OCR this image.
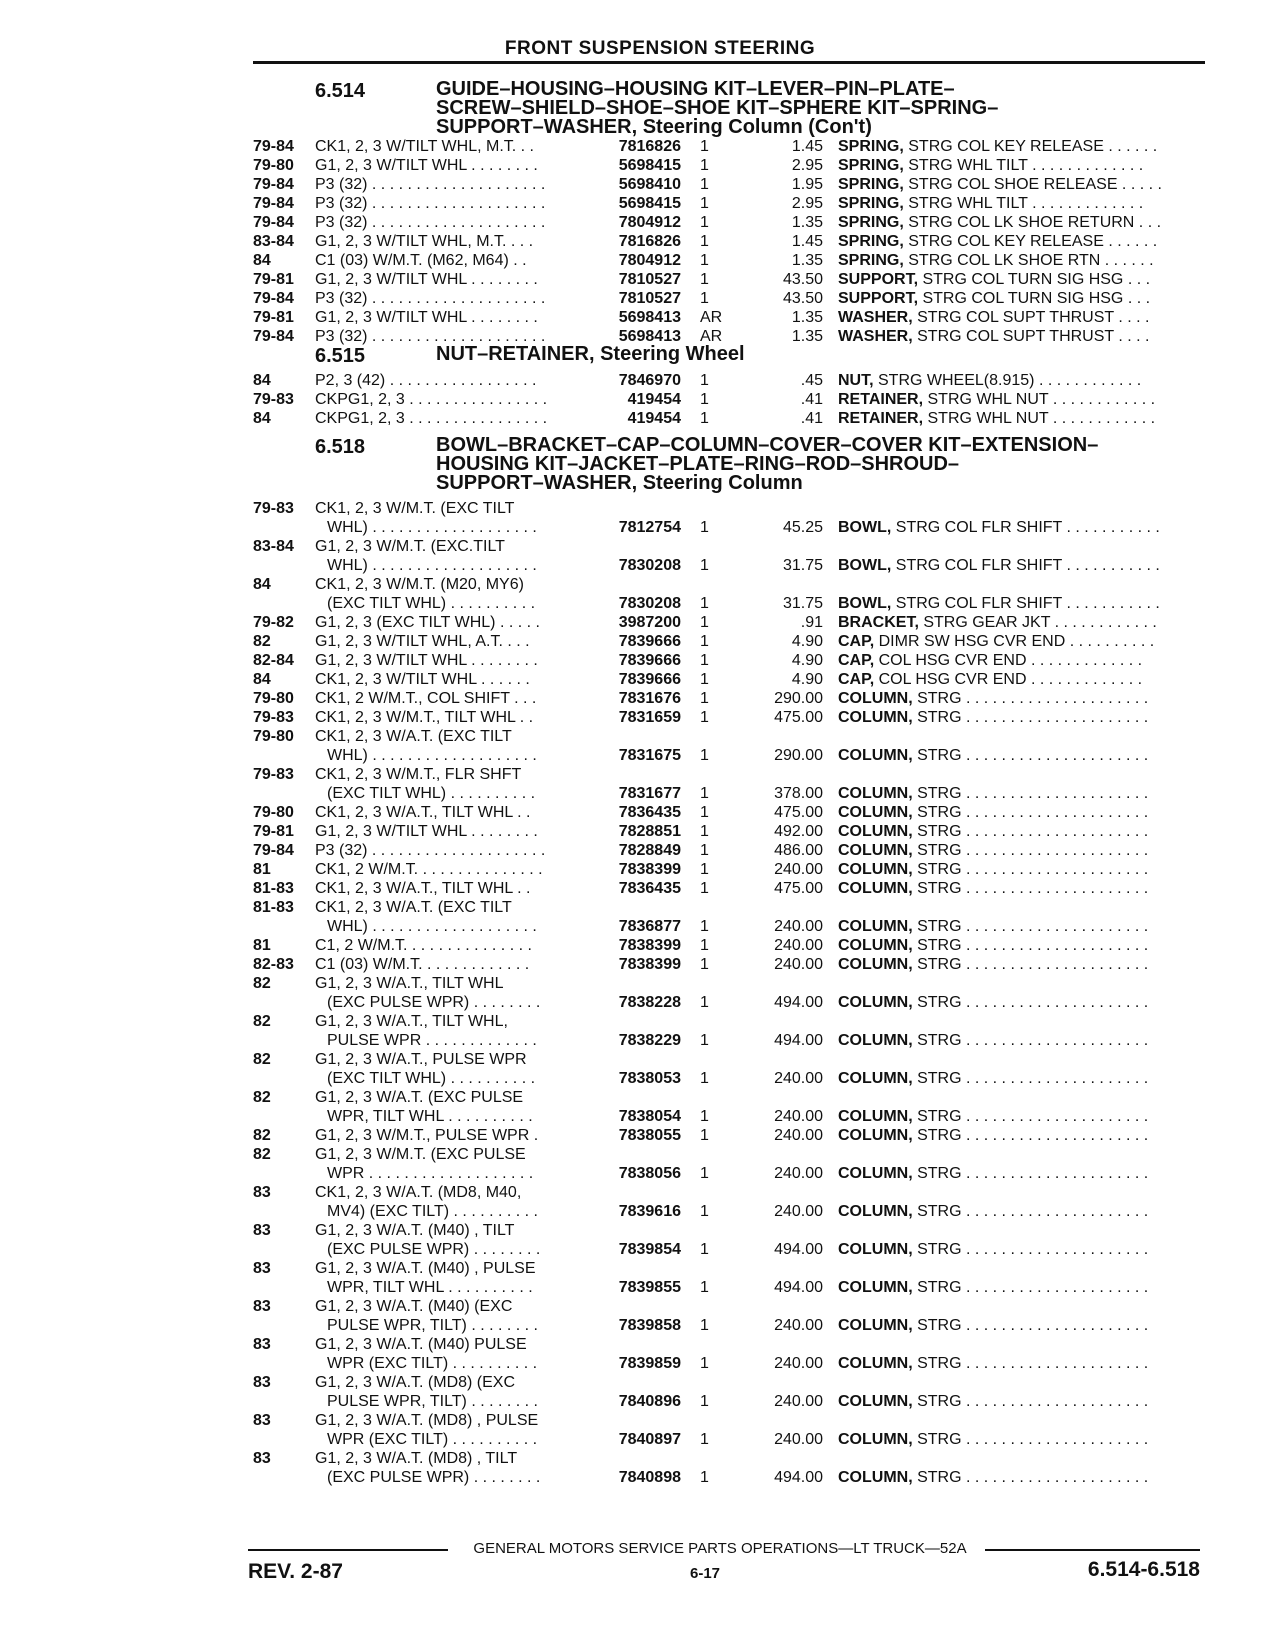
FRONT SUSPENSION STEERING
6.514	GUIDE–HOUSING–HOUSING KIT–LEVER–PIN–PLATE–
SCREW–SHIELD–SHOE–SHOE KIT–SPHERE KIT–SPRING–
SUPPORT–WASHER, Steering Column (Con't)
79-84 CK1, 2, 3 W/TILT WHL, M.T. . .	7816826 1	1.45 SPRING, STRG COL KEY RELEASE . . . . . .
79-80 G1, 2, 3 W/TILT WHL . . . . . . . .	5698415 1	2.95 SPRING, STRG WHL TILT . . . . . . . . . . . . .
79-84 P3 (32) . . . . . . . . . . . . . . . . . . . .	5698410 1	1.95 SPRING, STRG COL SHOE RELEASE . . . . .
79-84 P3 (32) . . . . . . . . . . . . . . . . . . . .	5698415 1	2.95 SPRING, STRG WHL TILT . . . . . . . . . . . . .
79-84 P3 (32) . . . . . . . . . . . . . . . . . . . .	7804912 1	1.35 SPRING, STRG COL LK SHOE RETURN . . .
83-84 G1, 2, 3 W/TILT WHL, M.T. . . .	7816826 1	1.45 SPRING, STRG COL KEY RELEASE . . . . . .
84	C1 (03) W/M.T. (M62, M64) . .	7804912 1	1.35 SPRING, STRG COL LK SHOE RTN . . . . . .
79-81 G1, 2, 3 W/TILT WHL . . . . . . . .	7810527 1	43.50 SUPPORT, STRG COL TURN SIG HSG . . .
79-84 P3 (32) . . . . . . . . . . . . . . . . . . . .	7810527 1	43.50 SUPPORT, STRG COL TURN SIG HSG . . .
79-81 G1, 2, 3 W/TILT WHL . . . . . . . .	5698413 AR	1.35 WASHER, STRG COL SUPT THRUST . . . .
79-84 P3 (32) . . . . . . . . . . . . . . . . . . . .	5698413 AR	1.35 WASHER, STRG COL SUPT THRUST . . . .
6.515	NUT–RETAINER, Steering Wheel
84	P2, 3 (42) . . . . . . . . . . . . . . . . .	7846970 1	.45 NUT, STRG WHEEL(8.915) . . . . . . . . . . . .
79-83 CKPG1, 2, 3 . . . . . . . . . . . . . . . .	419454 1	.41 RETAINER, STRG WHL NUT . . . . . . . . . . . .
84	CKPG1, 2, 3 . . . . . . . . . . . . . . . .	419454 1	.41 RETAINER, STRG WHL NUT . . . . . . . . . . . .
6.518	BOWL–BRACKET–CAP–COLUMN–COVER–COVER KIT–EXTENSION–
HOUSING KIT–JACKET–PLATE–RING–ROD–SHROUD–
SUPPORT–WASHER, Steering Column
79-83 CK1, 2, 3 W/M.T. (EXC TILT
WHL) . . . . . . . . . . . . . . . . . . .	7812754 1	45.25 BOWL, STRG COL FLR SHIFT . . . . . . . . . . .
83-84 G1, 2, 3 W/M.T. (EXC.TILT
WHL) . . . . . . . . . . . . . . . . . . .	7830208 1	31.75 BOWL, STRG COL FLR SHIFT . . . . . . . . . . .
84	CK1, 2, 3 W/M.T. (M20, MY6)
(EXC TILT WHL) . . . . . . . . . .	7830208 1	31.75 BOWL, STRG COL FLR SHIFT . . . . . . . . . . .
79-82 G1, 2, 3 (EXC TILT WHL) . . . . .	3987200 1	.91 BRACKET, STRG GEAR JKT . . . . . . . . . . . .
82	G1, 2, 3 W/TILT WHL, A.T. . . .	7839666 1	4.90 CAP, DIMR SW HSG CVR END . . . . . . . . . .
82-84 G1, 2, 3 W/TILT WHL . . . . . . . .	7839666 1	4.90 CAP, COL HSG CVR END . . . . . . . . . . . . .
84	CK1, 2, 3 W/TILT WHL . . . . . .	7839666 1	4.90 CAP, COL HSG CVR END . . . . . . . . . . . . .
79-80 CK1, 2 W/M.T., COL SHIFT . . .	7831676 1	290.00 COLUMN, STRG . . . . . . . . . . . . . . . . . . . . .
79-83 CK1, 2, 3 W/M.T., TILT WHL . .	7831659 1	475.00 COLUMN, STRG . . . . . . . . . . . . . . . . . . . . .
79-80 CK1, 2, 3 W/A.T. (EXC TILT
WHL) . . . . . . . . . . . . . . . . . . .	7831675 1	290.00 COLUMN, STRG . . . . . . . . . . . . . . . . . . . . .
79-83 CK1, 2, 3 W/M.T., FLR SHFT
(EXC TILT WHL) . . . . . . . . . .	7831677 1	378.00 COLUMN, STRG . . . . . . . . . . . . . . . . . . . . .
79-80 CK1, 2, 3 W/A.T., TILT WHL . .	7836435 1	475.00 COLUMN, STRG . . . . . . . . . . . . . . . . . . . . .
79-81 G1, 2, 3 W/TILT WHL . . . . . . . .	7828851 1	492.00 COLUMN, STRG . . . . . . . . . . . . . . . . . . . . .
79-84 P3 (32) . . . . . . . . . . . . . . . . . . . .	7828849 1	486.00 COLUMN, STRG . . . . . . . . . . . . . . . . . . . . .
81	CK1, 2 W/M.T. . . . . . . . . . . . . . .	7838399 1	240.00 COLUMN, STRG . . . . . . . . . . . . . . . . . . . . .
81-83 CK1, 2, 3 W/A.T., TILT WHL . .	7836435 1	475.00 COLUMN, STRG . . . . . . . . . . . . . . . . . . . . .
81-83 CK1, 2, 3 W/A.T. (EXC TILT
WHL) . . . . . . . . . . . . . . . . . . .	7836877 1	240.00 COLUMN, STRG . . . . . . . . . . . . . . . . . . . . .
81	C1, 2 W/M.T. . . . . . . . . . . . . . .	7838399 1	240.00 COLUMN, STRG . . . . . . . . . . . . . . . . . . . . .
82-83 C1 (03) W/M.T. . . . . . . . . . . . .	7838399 1	240.00 COLUMN, STRG . . . . . . . . . . . . . . . . . . . . .
82	G1, 2, 3 W/A.T., TILT WHL
(EXC PULSE WPR) . . . . . . . .	7838228 1	494.00 COLUMN, STRG . . . . . . . . . . . . . . . . . . . . .
82	G1, 2, 3 W/A.T., TILT WHL,
PULSE WPR . . . . . . . . . . . . .	7838229 1	494.00 COLUMN, STRG . . . . . . . . . . . . . . . . . . . . .
82	G1, 2, 3 W/A.T., PULSE WPR
(EXC TILT WHL) . . . . . . . . . .	7838053 1	240.00 COLUMN, STRG . . . . . . . . . . . . . . . . . . . . .
82	G1, 2, 3 W/A.T. (EXC PULSE
WPR, TILT WHL . . . . . . . . . .	7838054 1	240.00 COLUMN, STRG . . . . . . . . . . . . . . . . . . . . .
82	G1, 2, 3 W/M.T., PULSE WPR .	7838055 1	240.00 COLUMN, STRG . . . . . . . . . . . . . . . . . . . . .
82	G1, 2, 3 W/M.T. (EXC PULSE
WPR . . . . . . . . . . . . . . . . . . .	7838056 1	240.00 COLUMN, STRG . . . . . . . . . . . . . . . . . . . . .
83	CK1, 2, 3 W/A.T. (MD8, M40,
MV4) (EXC TILT) . . . . . . . . . .	7839616 1	240.00 COLUMN, STRG . . . . . . . . . . . . . . . . . . . . .
83	G1, 2, 3 W/A.T. (M40) , TILT
(EXC PULSE WPR) . . . . . . . .	7839854 1	494.00 COLUMN, STRG . . . . . . . . . . . . . . . . . . . . .
83	G1, 2, 3 W/A.T. (M40) , PULSE
WPR, TILT WHL . . . . . . . . . .	7839855 1	494.00 COLUMN, STRG . . . . . . . . . . . . . . . . . . . . .
83	G1, 2, 3 W/A.T. (M40) (EXC
PULSE WPR, TILT) . . . . . . . .	7839858 1	240.00 COLUMN, STRG . . . . . . . . . . . . . . . . . . . . .
83	G1, 2, 3 W/A.T. (M40) PULSE
WPR (EXC TILT) . . . . . . . . . .	7839859 1	240.00 COLUMN, STRG . . . . . . . . . . . . . . . . . . . . .
83	G1, 2, 3 W/A.T. (MD8) (EXC
PULSE WPR, TILT) . . . . . . . .	7840896 1	240.00 COLUMN, STRG . . . . . . . . . . . . . . . . . . . . .
83	G1, 2, 3 W/A.T. (MD8) , PULSE
WPR (EXC TILT) . . . . . . . . . .	7840897 1	240.00 COLUMN, STRG . . . . . . . . . . . . . . . . . . . . .
83	G1, 2, 3 W/A.T. (MD8) , TILT
(EXC PULSE WPR) . . . . . . . .	7840898 1	494.00 COLUMN, STRG . . . . . . . . . . . . . . . . . . . . .
GENERAL MOTORS SERVICE PARTS OPERATIONS—LT TRUCK—52A
REV. 2-87	6-17	6.514-6.518
